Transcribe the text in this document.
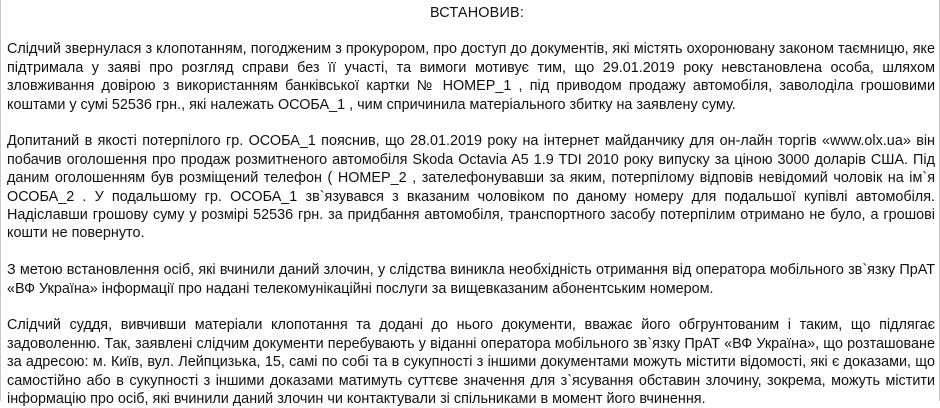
ВСТАНОВИВ:

Слідчий звернулася з клопотанням, погодженим з прокурором, про доступ до документів, які містять охоронювану законом таємницю, яке підтримала у заяві про розгляд справи без її участі, та вимоги мотивує тим, що 29.01.2019 року невстановлена особа, шляхом зловживання довірою з використанням банківської картки № НОМЕР_1 , під приводом продажу автомобіля, заволоділа грошовими коштами у сумі 52536 грн., які належать ОСОБА_1 , чим спричинила матеріального збитку на заявлену суму.

Допитаний в якості потерпілого гр. ОСОБА_1 пояснив, що 28.01.2019 року на інтернет майданчику для он-лайн торгів «www.olx.ua» він побачив оголошення про продаж розмитненого автомобіля Skoda Octavia A5 1.9 TDI 2010 року випуску за ціною 3000 доларів США. Під даним оголошенням був розміщений телефон ( НОМЕР_2 , зателефонувавши за яким, потерпілому відповів невідомий чоловік на ім`я ОСОБА_2 . У подальшому гр. ОСОБА_1 зв`язувався з вказаним чоловіком по даному номеру для подальшої купівлі автомобіля. Надіславши грошову суму у розмірі 52536 грн. за придбання автомобіля, транспортного засобу потерпілим отримано не було, а грошові кошти не повернуто.

З метою встановлення осіб, які вчинили даний злочин, у слідства виникла необхідність отримання від оператора мобільного зв`язку ПрАТ «ВФ Україна» інформації про надані телекомунікаційні послуги за вищевказаним абонентським номером.

Слідчий суддя, вивчивши матеріали клопотання та додані до нього документи, вважає його обгрунтованим і таким, що підлягає задоволенню. Так, заявлені слідчим документи перебувають у віданні оператора мобільного зв`язку ПрАТ «ВФ Україна», що розташоване за адресою: м. Київ, вул. Лейпцизька, 15, самі по собі та в сукупності з іншими документами можуть містити відомості, які є доказами, що самостійно або в сукупності з іншими доказами матимуть суттєве значення для з`ясування обставин злочину, зокрема, можуть містити інформацію про осіб, які вчинили даний злочин чи контактували зі спільниками в момент його вчинення.
